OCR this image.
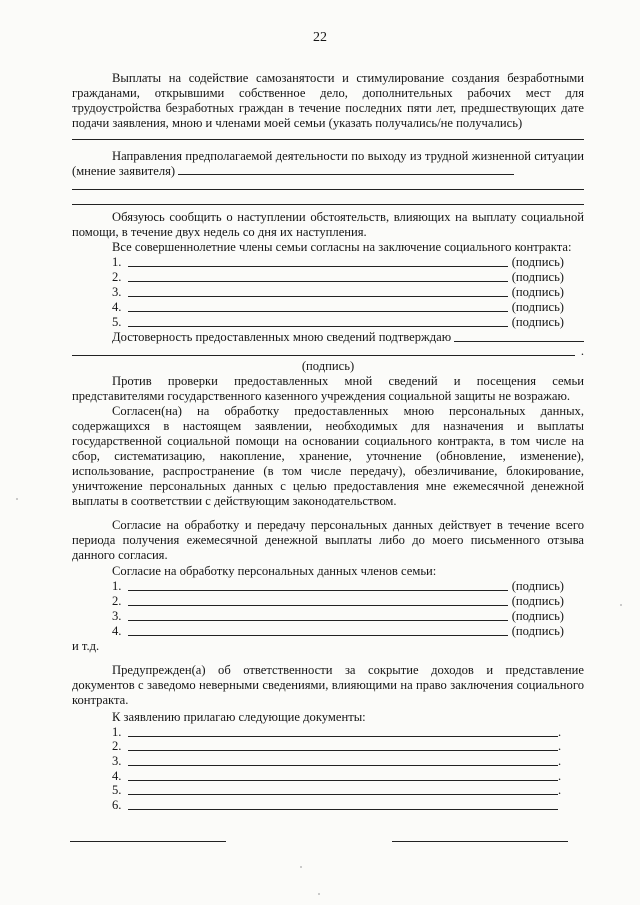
22

Выплаты на содействие самозанятости и стимулирование создания безработными гражданами, открывшими собственное дело, дополнительных рабочих мест для трудоустройства безработных граждан в течение последних пяти лет, предшествующих дате подачи заявления, мною и членами моей семьи (указать получались/не получались)

Направления предполагаемой деятельности по выходу из трудной жизненной ситуации (мнение заявителя)

Обязуюсь сообщить о наступлении обстоятельств, влияющих на выплату социальной помощи, в течение двух недель со дня их наступления.

Все совершеннолетние члены семьи согласны на заключение социального контракта:

1.	(подпись)
2.	(подпись)
3.	(подпись)
4.	(подпись)
5.	(подпись)
Достоверность предоставленных мною сведений подтверждаю
.
(подпись)

Против проверки предоставленных мной сведений и посещения семьи представителями государственного казенного учреждения социальной защиты не возражаю.

Согласен(на) на обработку предоставленных мною персональных данных, содержащихся в настоящем заявлении, необходимых для назначения и выплаты государственной социальной помощи на основании социального контракта, в том числе на сбор, систематизацию, накопление, хранение, уточнение (обновление, изменение), использование, распространение (в том числе передачу), обезличивание, блокирование, уничтожение персональных данных с целью предоставления мне ежемесячной денежной выплаты в соответствии с действующим законодательством.

Согласие на обработку и передачу персональных данных действует в течение всего периода получения ежемесячной денежной выплаты либо до моего письменного отзыва данного согласия.

Согласие на обработку персональных данных членов семьи:

1.	(подпись)
2.	(подпись)
3.	(подпись)
4.	(подпись)
и т.д.

Предупрежден(а) об ответственности за сокрытие доходов и представление документов с заведомо неверными сведениями, влияющими на право заключения социального контракта.

К заявлению прилагаю следующие документы:

1.	.
2.	.
3.	.
4.	.
5.	.
6.
